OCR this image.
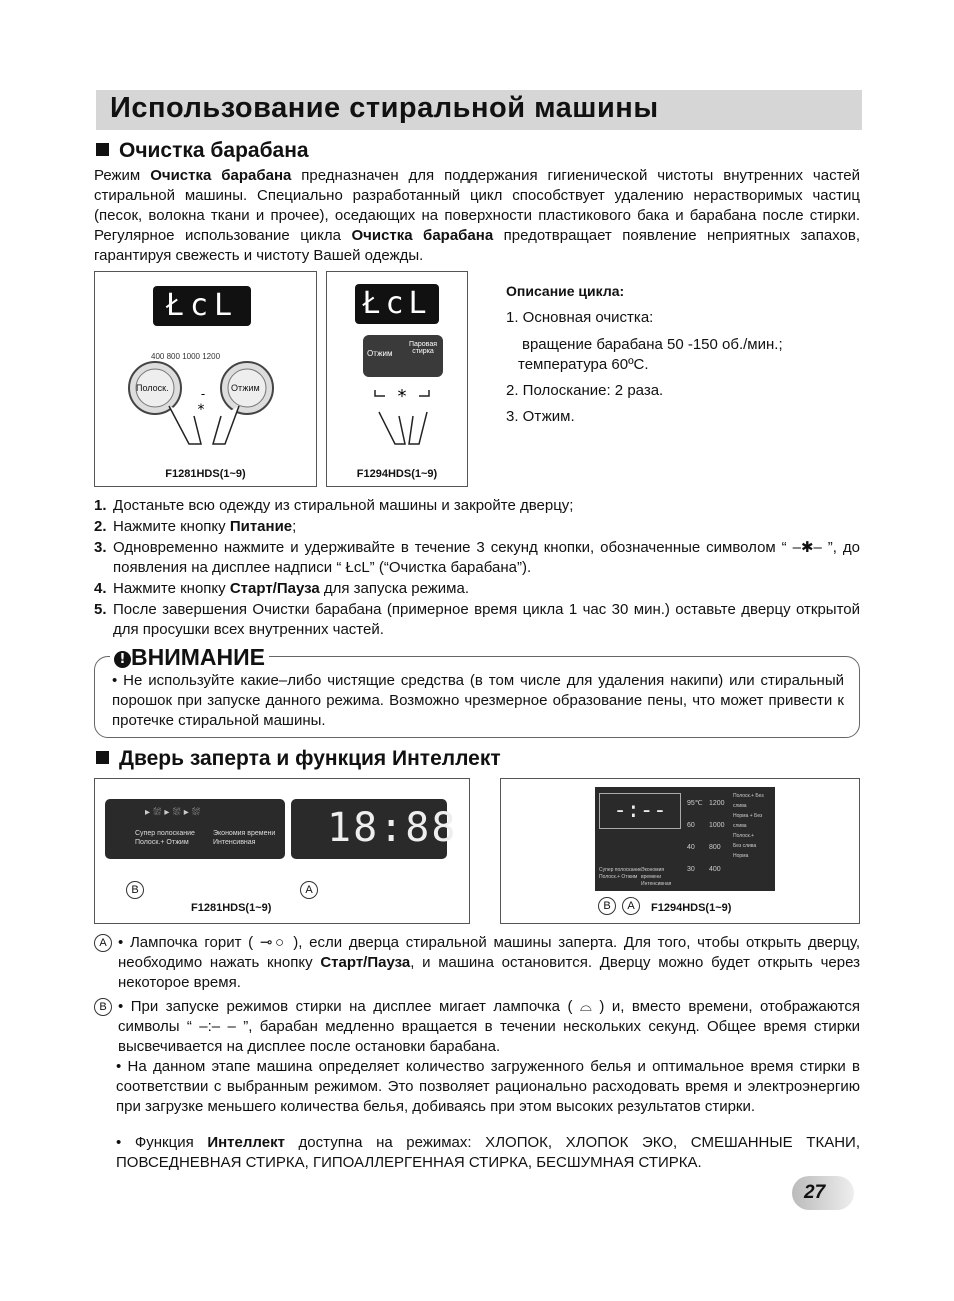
Использование стиральной машины
Очистка барабана
Режим Очистка барабана предназначен для поддержания гигиенической чистоты внутренних частей стиральной машины. Специально разработанный цикл способствует удалению нерастворимых частиц (песок, волокна ткани и прочее), оседающих на поверхности пластикового бака и барабана после стирки. Регулярное использование цикла Очистка барабана предотвращает появление неприятных запахов, гарантируя свежесть и чистоту Вашей одежды.
ŁcL
*
-
Полоск.	Отжим
400 800 1000 1200
F1281HDS(1~9)
ŁcL
Отжим
Паровая стирка
*
F1294HDS(1~9)
Описание цикла:
1. Основная очистка:
вращение барабана 50 -150 об./мин.;
температура 60ºС.
2. Полоскание: 2 раза.
3. Отжим.
1. Достаньте всю одежду из стиральной машины и закройте дверцу;
2. Нажмите кнопку Питание;
3. Одновременно нажмите и удерживайте в течение 3 секунд кнопки, обозначенные символом “ –✱– ”, до появления на дисплее надписи “ ŁcL” (“Очистка барабана”).
4. Нажмите кнопку Старт/Пауза для запуска режима.
5. После завершения Очистки барабана (примерное время цикла 1 час 30 мин.) оставьте дверцу открытой для просушки всех внутренних частей.
! ВНИМАНИЕ
• Не используйте какие–либо чистящие средства (в том числе для удаления накипи) или стиральный порошок при запуске данного режима. Возможно чрезмерное образование пены, что может привести к протечке стиральной машины.
Дверь заперта и функция Интеллект
Супер полоскание
Полоск.+ Отжим
Экономия времени
Интенсивная
▸ ⛆ ▸ ⛆ ▸ ⛆	18:88
B	A
F1281HDS(1~9)
-:--	95℃
60
40
30
1200
1000
800
400
Полоск.+ Без слива
Нормa + Без слива
Полоск.+
Без слива
Норма
Супер полоскание
Полоск.+ Отжим
Экономия времени
Интенсивная
B	A	F1294HDS(1~9)
A • Лампочка горит ( ⊸○ ), если дверца стиральной машины заперта. Для того, чтобы открыть дверцу, необходимо нажать кнопку Старт/Пауза, и машина остановится. Дверцу можно будет открыть через некоторое время.
B • При запуске режимов стирки на дисплее мигает лампочка ( ⌓ ) и, вместо времени, отображаются символы “ –:– – ”, барабан медленно вращается в течении нескольких секунд. Общее время стирки высвечивается на дисплее после остановки барабана.
• На данном этапе машина определяет количество загруженного белья и оптимальное время стирки в соответствии с выбранным режимом. Это позволяет рационально расходовать время и электроэнергию при загрузке меньшего количества белья, добиваясь при этом высоких результатов стирки.
• Функция Интеллект доступна на режимах: ХЛОПОК, ХЛОПОК ЭКО, СМЕШАННЫЕ ТКАНИ, ПОВСЕДНЕВНАЯ СТИРКА, ГИПОАЛЛЕРГЕННАЯ СТИРКА, БЕСШУМНАЯ СТИРКА.
27
